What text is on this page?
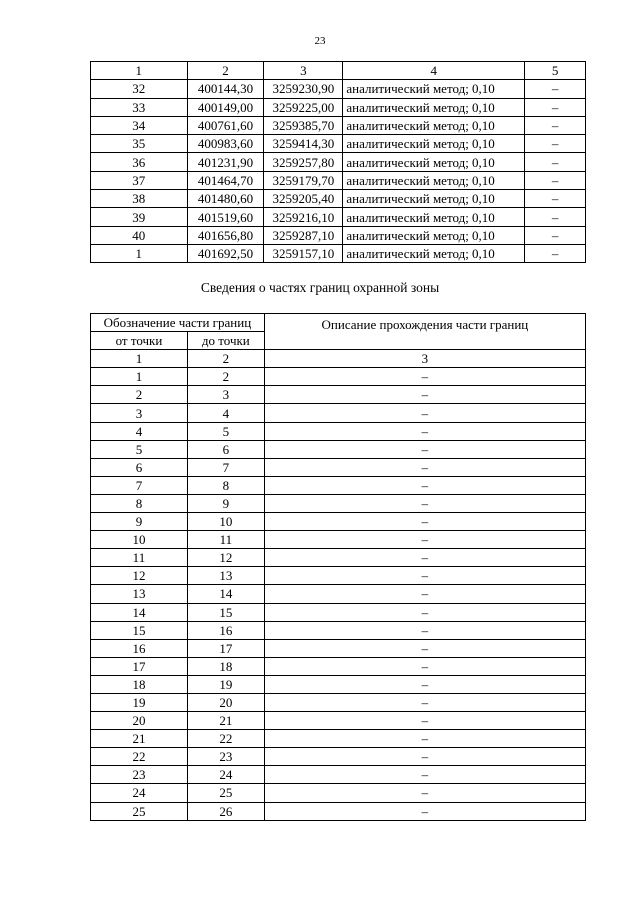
23
1	2	3	4	5
32	400144,30	3259230,90	аналитический метод; 0,10	–
33	400149,00	3259225,00	аналитический метод; 0,10	–
34	400761,60	3259385,70	аналитический метод; 0,10	–
35	400983,60	3259414,30	аналитический метод; 0,10	–
36	401231,90	3259257,80	аналитический метод; 0,10	–
37	401464,70	3259179,70	аналитический метод; 0,10	–
38	401480,60	3259205,40	аналитический метод; 0,10	–
39	401519,60	3259216,10	аналитический метод; 0,10	–
40	401656,80	3259287,10	аналитический метод; 0,10	–
1	401692,50	3259157,10	аналитический метод; 0,10	–
Сведения о частях границ охранной зоны
Обозначение части границ		Описание прохождения части границ
от точки	до точки	
1	2	3
1	2	–
2	3	–
3	4	–
4	5	–
5	6	–
6	7	–
7	8	–
8	9	–
9	10	–
10	11	–
11	12	–
12	13	–
13	14	–
14	15	–
15	16	–
16	17	–
17	18	–
18	19	–
19	20	–
20	21	–
21	22	–
22	23	–
23	24	–
24	25	–
25	26	–
